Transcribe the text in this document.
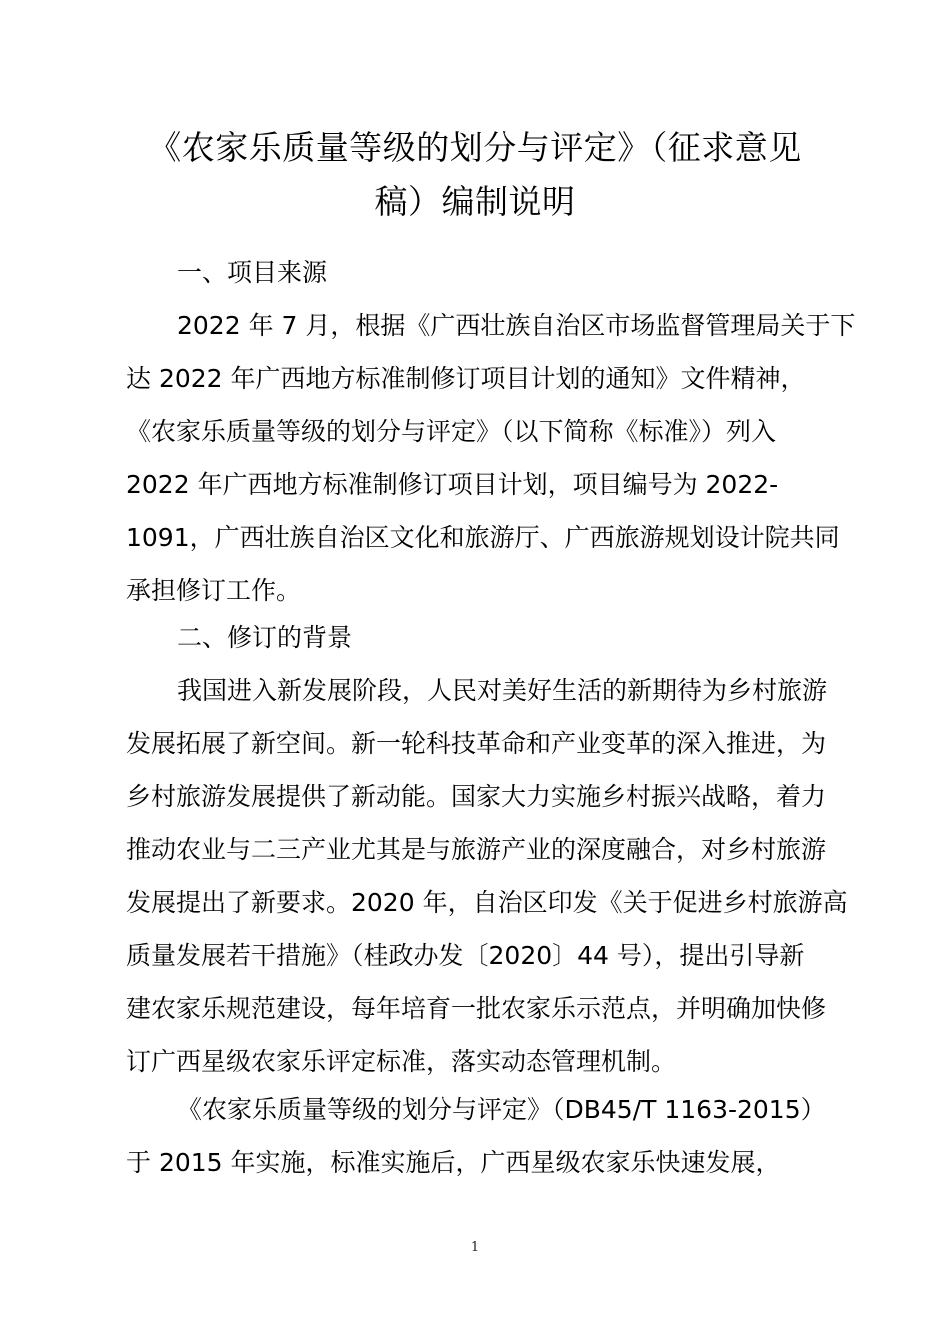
《农家乐质量等级的划分与评定》（征求意见
稿）编制说明
一、项目来源
2022 年 7 月，根据《广西壮族自治区市场监督管理局关于下
达 2022 年广西地方标准制修订项目计划的通知》文件精神，
《农家乐质量等级的划分与评定》（以下简称《标准》）列入
2022 年广西地方标准制修订项目计划，项目编号为 2022-
1091，广西壮族自治区文化和旅游厅、广西旅游规划设计院共同
承担修订工作。
二、修订的背景
我国进入新发展阶段，人民对美好生活的新期待为乡村旅游
发展拓展了新空间。新一轮科技革命和产业变革的深入推进，为
乡村旅游发展提供了新动能。国家大力实施乡村振兴战略，着力
推动农业与二三产业尤其是与旅游产业的深度融合，对乡村旅游
发展提出了新要求。2020 年，自治区印发《关于促进乡村旅游高
质量发展若干措施》（桂政办发〔2020〕44 号），提出引导新
建农家乐规范建设，每年培育一批农家乐示范点，并明确加快修
订广西星级农家乐评定标准，落实动态管理机制。
《农家乐质量等级的划分与评定》（DB45/T 1163-2015）
于 2015 年实施，标准实施后，广西星级农家乐快速发展，
1
